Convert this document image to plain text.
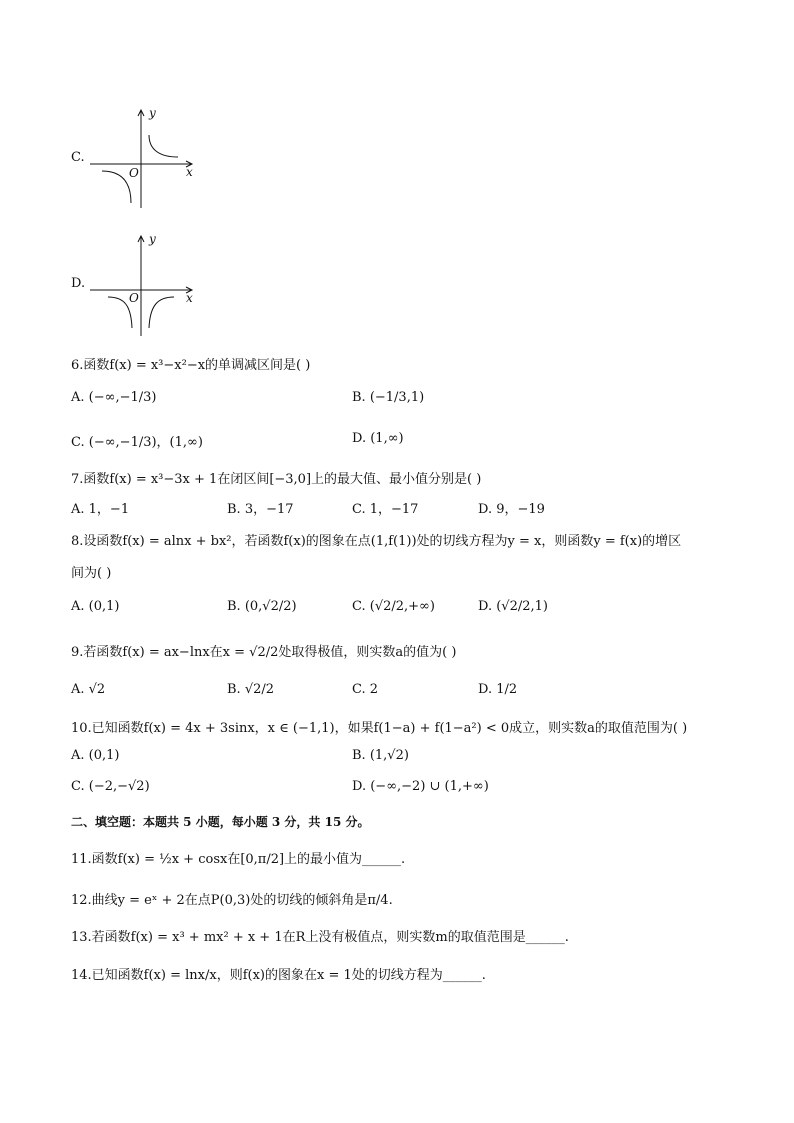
C.
y
x
O
D.
y
x
O
6.函数f(x) = x³−x²−x的单调减区间是( )
A. (−∞,−1/3)	B. (−1/3,1)
C. (−∞,−1/3)，(1,∞)	D. (1,∞)
7.函数f(x) = x³−3x + 1在闭区间[−3,0]上的最大值、最小值分别是( )
A. 1，−1	B. 3，−17	C. 1，−17	D. 9，−19
8.设函数f(x) = alnx + bx²，若函数f(x)的图象在点(1,f(1))处的切线方程为y = x，则函数y = f(x)的增区
间为( )
A. (0,1)	B. (0,√2/2)	C. (√2/2,+∞)	D. (√2/2,1)
9.若函数f(x) = ax−lnx在x = √2/2处取得极值，则实数a的值为( )
A. √2	B. √2/2	C. 2	D. 1/2
10.已知函数f(x) = 4x + 3sinx，x ∈ (−1,1)，如果f(1−a) + f(1−a²) < 0成立，则实数a的取值范围为( )
A. (0,1)	B. (1,√2)
C. (−2,−√2)	D. (−∞,−2) ∪ (1,+∞)
二、填空题：本题共 5 小题，每小题 3 分，共 15 分。
11.函数f(x) = ½x + cosx在[0,π/2]上的最小值为______.
12.曲线y = eˣ + 2在点P(0,3)处的切线的倾斜角是π/4.
13.若函数f(x) = x³ + mx² + x + 1在R上没有极值点，则实数m的取值范围是______.
14.已知函数f(x) = lnx/x，则f(x)的图象在x = 1处的切线方程为______.
